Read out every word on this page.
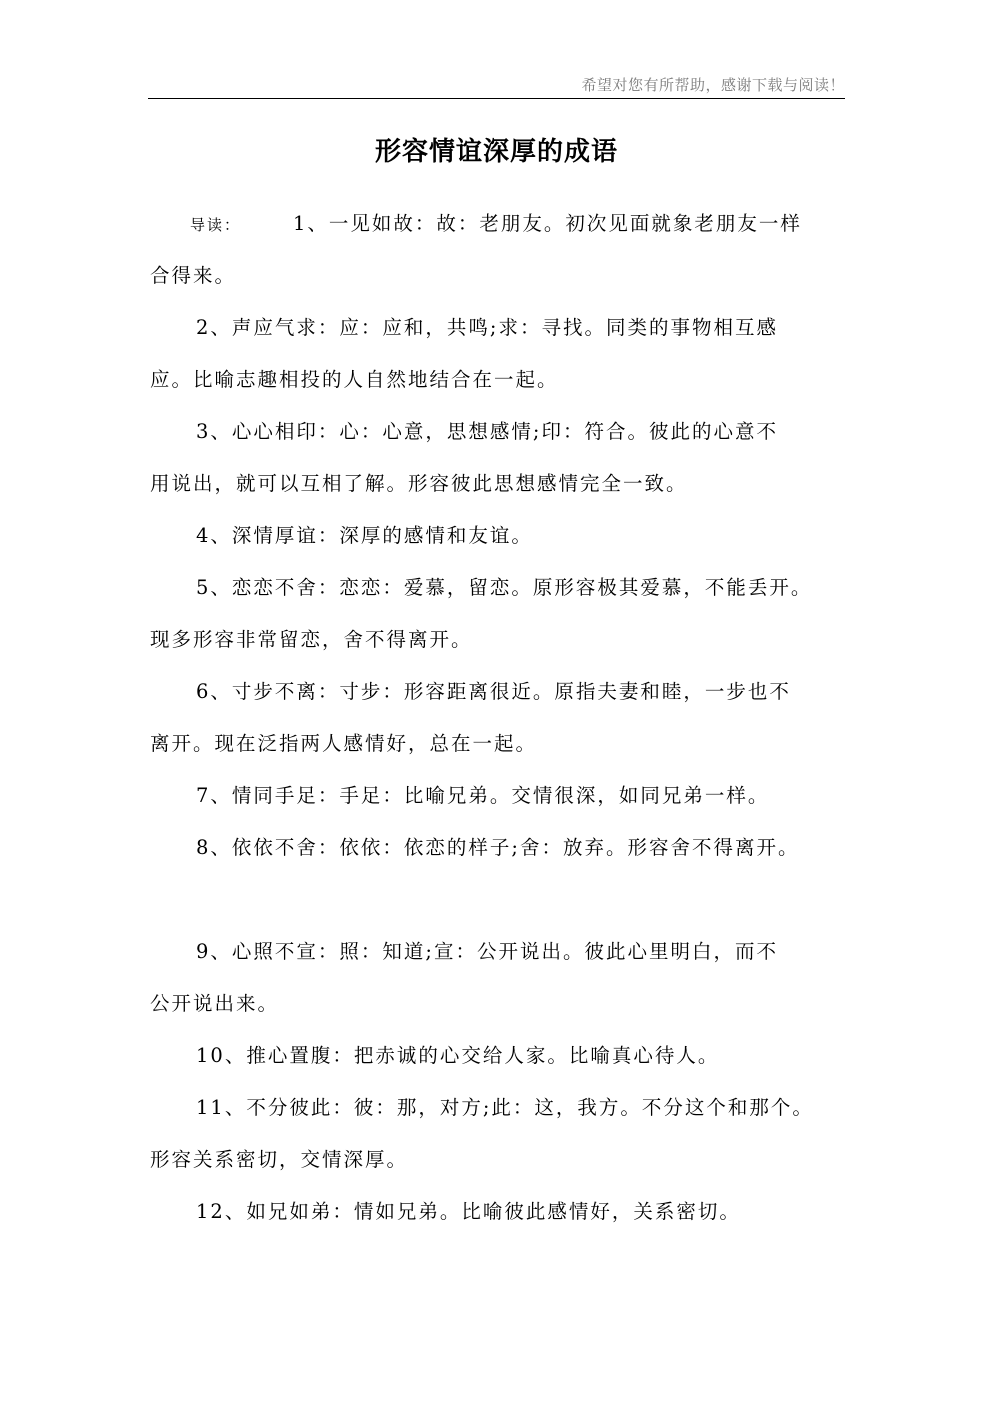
希望对您有所帮助，感谢下载与阅读！
形容情谊深厚的成语
导读：	1、一见如故：故：老朋友。初次见面就象老朋友一样
合得来。
2、声应气求：应：应和，共鸣;求：寻找。同类的事物相互感
应。比喻志趣相投的人自然地结合在一起。
3、心心相印：心：心意，思想感情;印：符合。彼此的心意不
用说出，就可以互相了解。形容彼此思想感情完全一致。
4、深情厚谊：深厚的感情和友谊。
5、恋恋不舍：恋恋：爱慕，留恋。原形容极其爱慕，不能丢开。
现多形容非常留恋，舍不得离开。
6、寸步不离：寸步：形容距离很近。原指夫妻和睦，一步也不
离开。现在泛指两人感情好，总在一起。
7、情同手足：手足：比喻兄弟。交情很深，如同兄弟一样。
8、依依不舍：依依：依恋的样子;舍：放弃。形容舍不得离开。
9、心照不宣：照：知道;宣：公开说出。彼此心里明白，而不
公开说出来。
10、推心置腹：把赤诚的心交给人家。比喻真心待人。
11、不分彼此：彼：那，对方;此：这，我方。不分这个和那个。
形容关系密切，交情深厚。
12、如兄如弟：情如兄弟。比喻彼此感情好，关系密切。
